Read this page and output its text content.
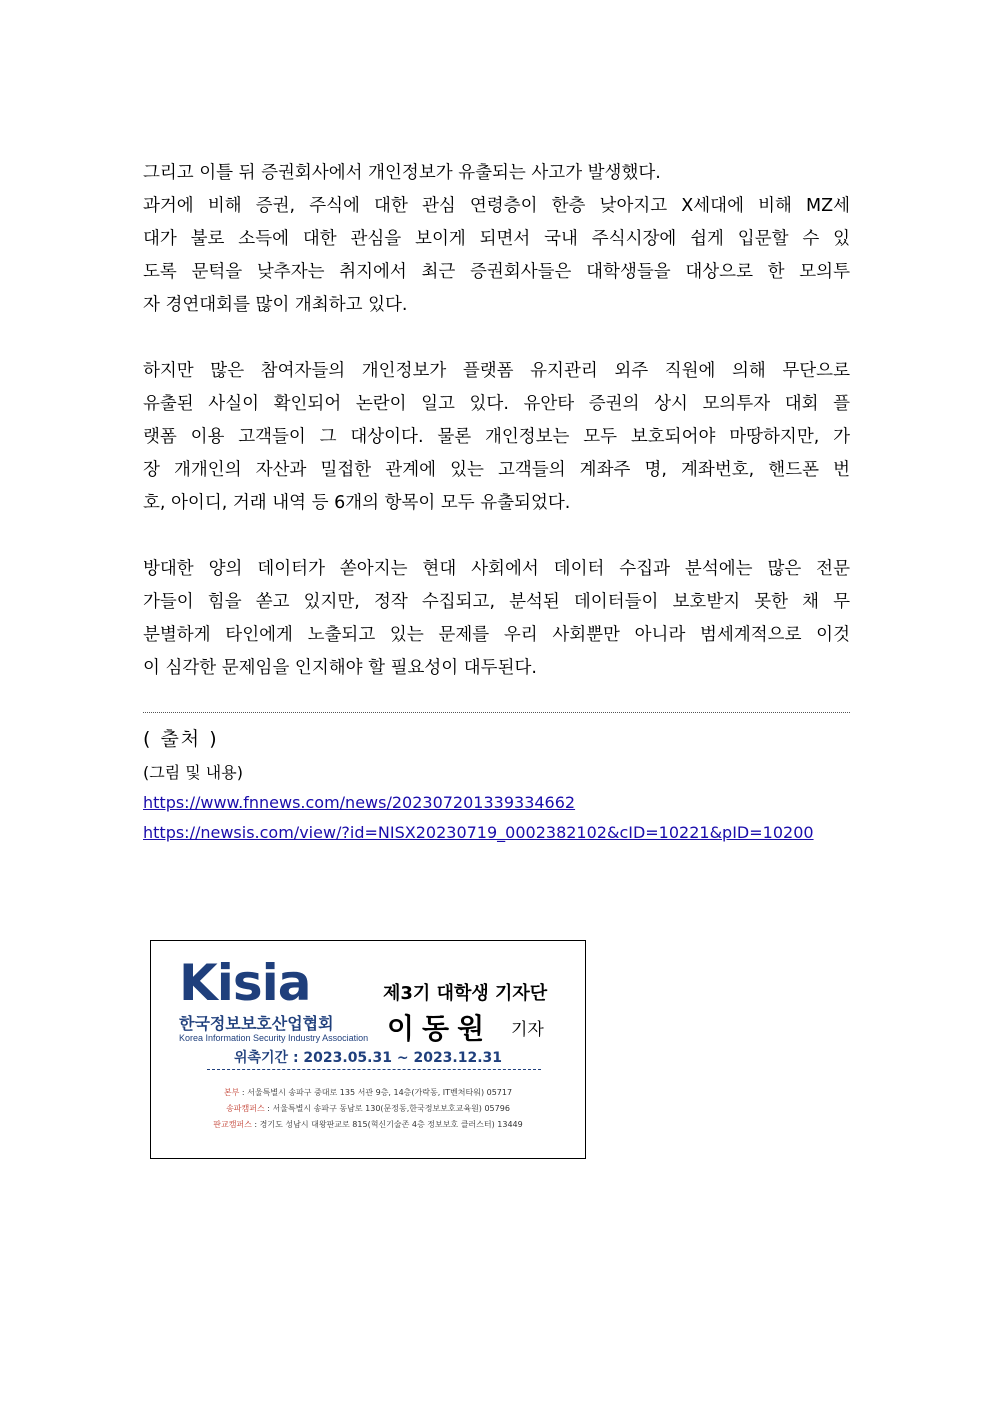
그리고 이틀 뒤 증권회사에서 개인정보가 유출되는 사고가 발생했다.
과거에 비해 증권, 주식에 대한 관심 연령층이 한층 낮아지고 X세대에 비해 MZ세
대가 불로 소득에 대한 관심을 보이게 되면서 국내 주식시장에 쉽게 입문할 수 있
도록 문턱을 낮추자는 취지에서 최근 증권회사들은 대학생들을 대상으로 한 모의투
자 경연대회를 많이 개최하고 있다.
하지만 많은 참여자들의 개인정보가 플랫폼 유지관리 외주 직원에 의해 무단으로
유출된 사실이 확인되어 논란이 일고 있다. 유안타 증권의 상시 모의투자 대회 플
랫폼 이용 고객들이 그 대상이다. 물론 개인정보는 모두 보호되어야 마땅하지만, 가
장 개개인의 자산과 밀접한 관계에 있는 고객들의 계좌주 명, 계좌번호, 핸드폰 번
호, 아이디, 거래 내역 등 6개의 항목이 모두 유출되었다.
방대한 양의 데이터가 쏟아지는 현대 사회에서 데이터 수집과 분석에는 많은 전문
가들이 힘을 쏟고 있지만, 정작 수집되고, 분석된 데이터들이 보호받지 못한 채 무
분별하게 타인에게 노출되고 있는 문제를 우리 사회뿐만 아니라 범세계적으로 이것
이 심각한 문제임을 인지해야 할 필요성이 대두된다.
( 출처 )
(그림 및 내용)
https://www.fnnews.com/news/202307201339334662
https://newsis.com/view/?id=NISX20230719_0002382102&cID=10221&pID=10200
Kisia
한국정보보호산업협회
Korea Information Security Industry Association
제3기 대학생 기자단
이동원 기자
위촉기간 : 2023.05.31 ~ 2023.12.31
본부 : 서울특별시 송파구 중대로 135 서관 9층, 14층(가락동, IT벤처타워) 05717
송파캠퍼스 : 서울특별시 송파구 동남로 130(문정동,한국정보보호교육원) 05796
판교캠퍼스 : 경기도 성남시 대왕판교로 815(혁신기술존 4층 정보보호 클러스터) 13449
